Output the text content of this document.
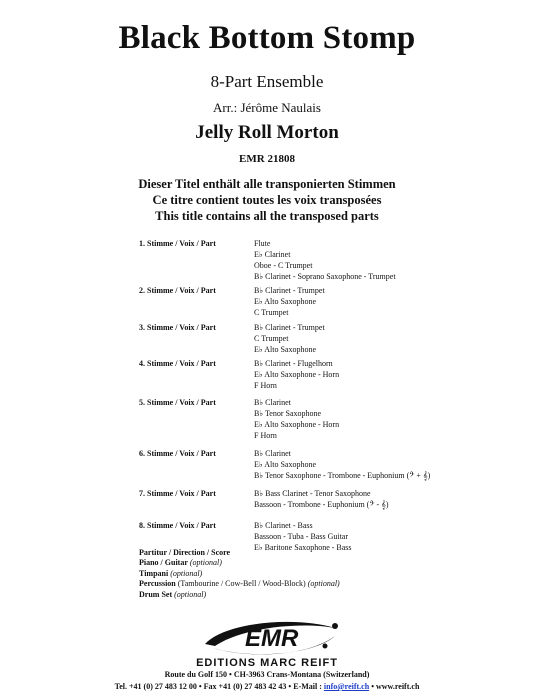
Black Bottom Stomp
8-Part Ensemble
Arr.: Jérôme Naulais
Jelly Roll Morton
EMR 21808
Dieser Titel enthält alle transponierten Stimmen
Ce titre contient toutes les voix transposées
This title contains all the transposed parts
1. Stimme / Voix / Part	Flute
E♭ Clarinet
Oboe - C Trumpet
B♭ Clarinet - Soprano Saxophone - Trumpet
2. Stimme / Voix / Part	B♭ Clarinet - Trumpet
E♭ Alto Saxophone
C Trumpet
3. Stimme / Voix / Part	B♭ Clarinet - Trumpet
C Trumpet
E♭ Alto Saxophone
4. Stimme / Voix / Part	B♭ Clarinet - Flugelhorn
E♭ Alto Saxophone - Horn
F Horn
5. Stimme / Voix / Part	B♭ Clarinet
B♭ Tenor Saxophone
E♭ Alto Saxophone - Horn
F Horn
6. Stimme / Voix / Part	B♭ Clarinet
E♭ Alto Saxophone
B♭ Tenor Saxophone - Trombone - Euphonium (𝄢 + 𝄞)
7. Stimme / Voix / Part	B♭ Bass Clarinet - Tenor Saxophone
Bassoon - Trombone - Euphonium (𝄢 - 𝄞)
8. Stimme / Voix / Part	B♭ Clarinet - Bass
Bassoon - Tuba - Bass Guitar
E♭ Baritone Saxophone - Bass
Partitur / Direction / Score
Piano / Guitar (optional)
Timpani (optional)
Percussion (Tambourine / Cow-Bell / Wood-Block) (optional)
Drum Set (optional)
EMR
EDITIONS MARC REIFT
Route du Golf 150 • CH-3963 Crans-Montana (Switzerland)
Tel. +41 (0) 27 483 12 00 • Fax +41 (0) 27 483 42 43 • E-Mail : info@reift.ch • www.reift.ch
